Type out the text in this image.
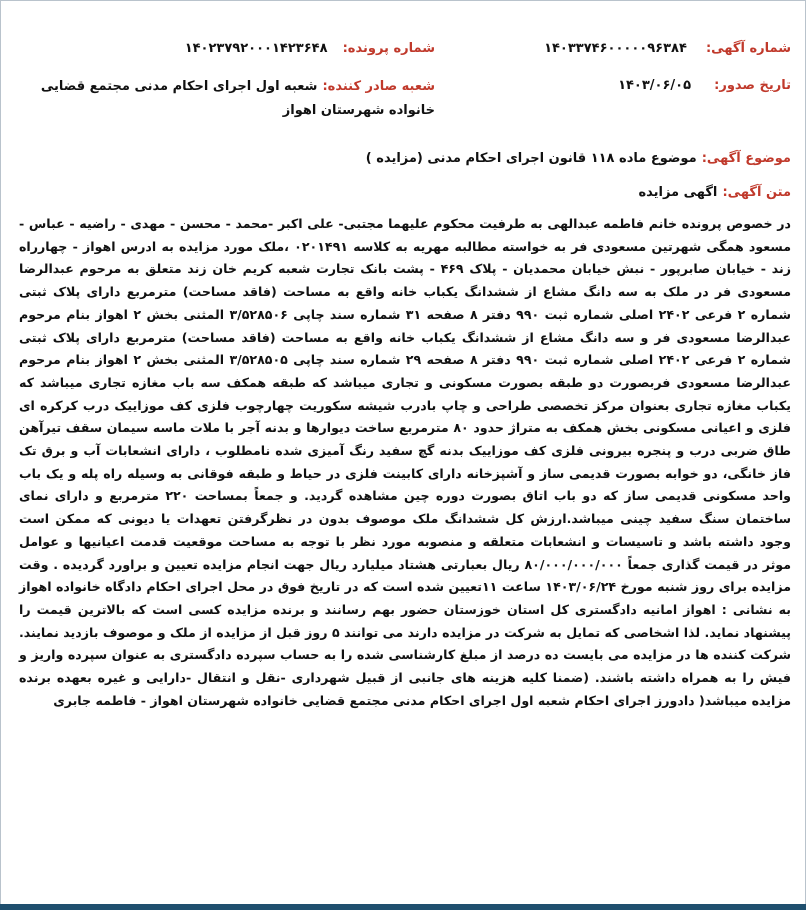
شماره آگهی: ۱۴۰۳۳۷۴۶۰۰۰۰۰۹۶۳۸۴
تاریخ صدور: ۱۴۰۳/۰۶/۰۵
شماره پرونده: ۱۴۰۲۳۷۹۲۰۰۰۱۴۲۳۶۴۸
شعبه صادر کننده: شعبه اول اجرای احکام مدنی مجتمع قضایی خانواده شهرستان اهواز
موضوع آگهی: موضوع ماده ۱۱۸ قانون اجرای احکام مدنی (مزایده )
متن آگهی: اگهی مزایده
در خصوص پرونده خانم فاطمه عبدالهی به طرفیت محکوم علیهما مجتبی- علی اکبر -محمد - محسن - مهدی - راضیه - عباس - مسعود همگی شهرتین مسعودی فر به خواسته مطالبه مهریه به کلاسه ۰۲۰۱۴۹۱ ،ملک مورد مزایده به ادرس اهواز - چهارراه زند - خیابان صابرپور - نبش خیابان محمدیان - پلاک ۴۶۹ - پشت بانک تجارت شعبه کریم خان زند متعلق به مرحوم عبدالرضا مسعودی فر در ملک به سه دانگ مشاع از ششدانگ یکباب خانه واقع به مساحت (فاقد مساحت) مترمربع دارای پلاک ثبتی شماره ۲ فرعی ۲۴۰۲ اصلی شماره ثبت ۹۹۰ دفتر ۸ صفحه ۳۱ شماره سند چاپی ۳/۵۲۸۵۰۶ المثنی بخش ۲ اهواز بنام مرحوم عبدالرضا مسعودی فر و سه دانگ مشاع از ششدانگ یکباب خانه واقع به مساحت (فاقد مساحت) مترمربع دارای پلاک ثبتی شماره ۲ فرعی ۲۴۰۲ اصلی شماره ثبت ۹۹۰ دفتر ۸ صفحه ۲۹ شماره سند چاپی ۳/۵۲۸۵۰۵ المثنی بخش ۲ اهواز بنام مرحوم عبدالرضا مسعودی فربصورت دو طبقه بصورت مسکونی و تجاری میباشد که طبقه همکف سه باب مغازه تجاری میباشد که یکباب مغازه تجاری بعنوان مرکز تخصصی طراحی و چاپ بادرب شیشه سکوریت چهارچوب فلزی کف موزاییک درب کرکره ای فلزی و اعیانی مسکونی بخش همکف به متراژ حدود ۸۰ مترمربع ساخت دیوارها و بدنه آجر با ملات ماسه سیمان سقف تیرآهن طاق ضربی درب و پنجره بیرونی فلزی کف موزاییک بدنه گچ سفید رنگ آمیزی شده نامطلوب ، دارای انشعابات آب و برق تک فاز خانگی، دو خوابه بصورت قدیمی ساز و آشپزخانه دارای کابینت فلزی در حیاط و طبقه فوقانی به وسیله راه پله و یک باب واحد مسکونی قدیمی ساز که دو باب اتاق بصورت دوره چین مشاهده گردید. و جمعاً بمساحت ۲۲۰ مترمربع و دارای نمای ساختمان سنگ سفید چینی میباشد.ارزش کل ششدانگ ملک موصوف بدون در نظرگرفتن تعهدات یا دیونی که ممکن است وجود داشته باشد و تاسیسات و انشعابات متعلقه و منصوبه مورد نظر با توجه به مساحت موقعیت قدمت اعیانیها و عوامل موثر در قیمت گذاری جمعاً ۸۰/۰۰۰/۰۰۰/۰۰۰ ریال بعبارتی هشتاد میلیارد ریال جهت انجام مزایده تعیین و براورد گردیده . وقت مزایده برای روز شنبه مورخ ۱۴۰۳/۰۶/۲۴ ساعت ۱۱تعیین شده است که در تاریخ فوق در محل اجرای احکام دادگاه خانواده اهواز به نشانی : اهواز امانیه دادگستری کل استان خوزستان حضور بهم رسانند و برنده مزایده کسی است که بالاترین قیمت را پیشنهاد نماید. لذا اشخاصی که تمایل به شرکت در مزایده دارند می توانند ۵ روز قبل از مزایده از ملک و موصوف بازدید نمایند. شرکت کننده ها در مزایده می بایست ده درصد از مبلغ کارشناسی شده را به حساب سپرده دادگستری به عنوان سپرده واریز و فیش را به همراه داشته باشند. (ضمنا کلیه هزینه های جانبی از قبیل شهرداری -نقل و انتقال -دارایی و غیره بعهده برنده مزایده میباشد( دادورز اجرای احکام شعبه اول اجرای احکام مدنی مجتمع قضایی خانواده شهرستان اهواز - فاطمه جابری
